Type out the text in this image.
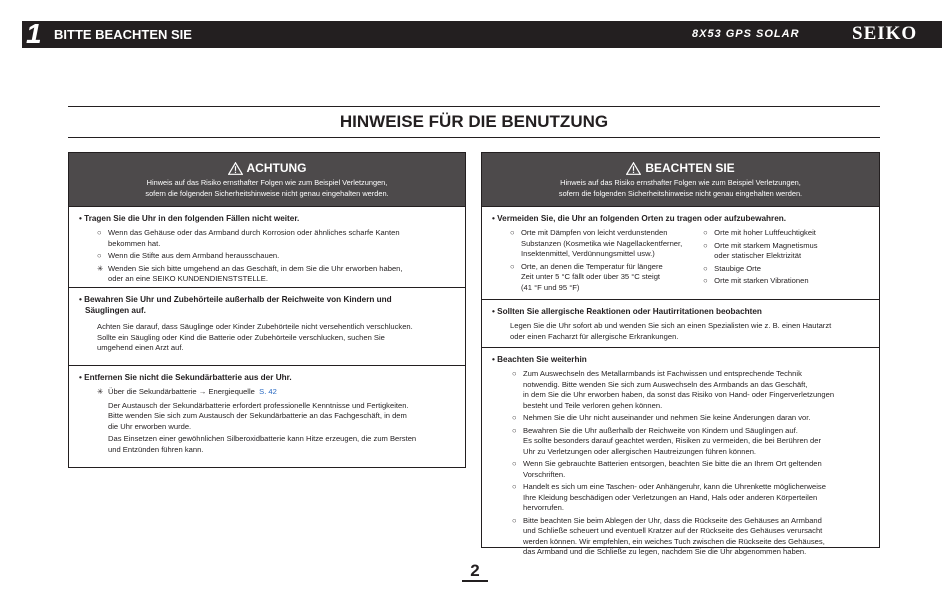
1 BITTE BEACHTEN SIE	8X53 GPS SOLAR	SEIKO
HINWEISE FÜR DIE BENUTZUNG
ACHTUNG
Hinweis auf das Risiko ernsthafter Folgen wie zum Beispiel Verletzungen,
sofern die folgenden Sicherheitshinweise nicht genau eingehalten werden.
• Tragen Sie die Uhr in den folgenden Fällen nicht weiter.
○ Wenn das Gehäuse oder das Armband durch Korrosion oder ähnliches scharfe Kanten
bekommen hat.
○ Wenn die Stifte aus dem Armband herausschauen.
✳ Wenden Sie sich bitte umgehend an das Geschäft, in dem Sie die Uhr erworben haben,
oder an eine SEIKO KUNDENDIENSTSTELLE.
• Bewahren Sie Uhr und Zubehörteile außerhalb der Reichweite von Kindern und
Säuglingen auf.
Achten Sie darauf, dass Säuglinge oder Kinder Zubehörteile nicht versehentlich verschlucken.
Sollte ein Säugling oder Kind die Batterie oder Zubehörteile verschlucken, suchen Sie
umgehend einen Arzt auf.
• Entfernen Sie nicht die Sekundärbatterie aus der Uhr.
✳ Über die Sekundärbatterie → Energiequelle S. 42
Der Austausch der Sekundärbatterie erfordert professionelle Kenntnisse und Fertigkeiten.
Bitte wenden Sie sich zum Austausch der Sekundärbatterie an das Fachgeschäft, in dem
die Uhr erworben wurde.
Das Einsetzen einer gewöhnlichen Silberoxidbatterie kann Hitze erzeugen, die zum Bersten
und Entzünden führen kann.
BEACHTEN SIE
Hinweis auf das Risiko ernsthafter Folgen wie zum Beispiel Verletzungen,
sofern die folgenden Sicherheitshinweise nicht genau eingehalten werden.
• Vermeiden Sie, die Uhr an folgenden Orten zu tragen oder aufzubewahren.
○ Orte mit Dämpfen von leicht verdunstenden
Substanzen (Kosmetika wie Nagellackentferner,
Insektenmittel, Verdünnungsmittel usw.)
○ Orte, an denen die Temperatur für längere
Zeit unter 5 °C fällt oder über 35 °C steigt
(41 °F und 95 °F)
○ Orte mit hoher Luftfeuchtigkeit
○ Orte mit starkem Magnetismus
oder statischer Elektrizität
○ Staubige Orte
○ Orte mit starken Vibrationen
• Sollten Sie allergische Reaktionen oder Hautirritationen beobachten
Legen Sie die Uhr sofort ab und wenden Sie sich an einen Spezialisten wie z. B. einen Hautarzt
oder einen Facharzt für allergische Erkrankungen.
• Beachten Sie weiterhin
○ Zum Auswechseln des Metallarmbands ist Fachwissen und entsprechende Technik
notwendig. Bitte wenden Sie sich zum Auswechseln des Armbands an das Geschäft,
in dem Sie die Uhr erworben haben, da sonst das Risiko von Hand- oder Fingerverletzungen
besteht und Teile verloren gehen können.
○ Nehmen Sie die Uhr nicht auseinander und nehmen Sie keine Änderungen daran vor.
○ Bewahren Sie die Uhr außerhalb der Reichweite von Kindern und Säuglingen auf.
Es sollte besonders darauf geachtet werden, Risiken zu vermeiden, die bei Berühren der
Uhr zu Verletzungen oder allergischen Hautreizungen führen können.
○ Wenn Sie gebrauchte Batterien entsorgen, beachten Sie bitte die an Ihrem Ort geltenden
Vorschriften.
○ Handelt es sich um eine Taschen- oder Anhängeruhr, kann die Uhrenkette möglicherweise
Ihre Kleidung beschädigen oder Verletzungen an Hand, Hals oder anderen Körperteilen
hervorrufen.
○ Bitte beachten Sie beim Ablegen der Uhr, dass die Rückseite des Gehäuses an Armband
und Schließe scheuert und eventuell Kratzer auf der Rückseite des Gehäuses verursacht
werden können. Wir empfehlen, ein weiches Tuch zwischen die Rückseite des Gehäuses,
das Armband und die Schließe zu legen, nachdem Sie die Uhr abgenommen haben.
2
